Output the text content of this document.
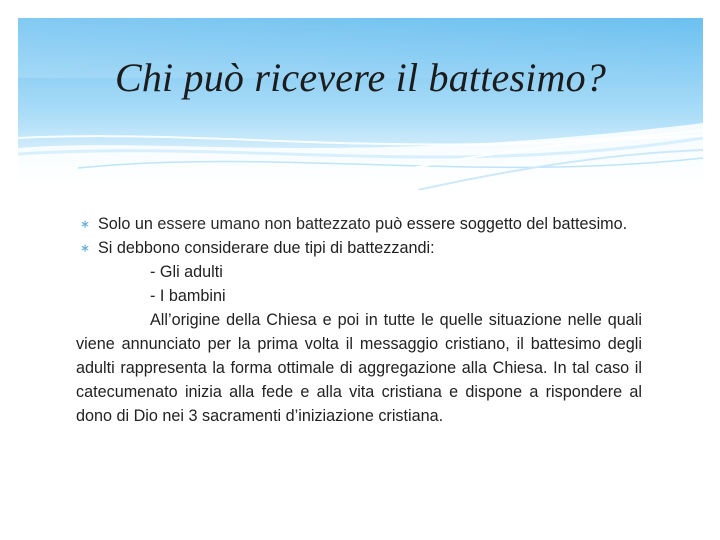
Chi può ricevere il battesimo?
∗ Solo un essere umano non battezzato può essere soggetto del battesimo.
∗ Si debbono considerare due tipi di battezzandi:
- Gli adulti
- I bambini
All’origine della Chiesa e poi in tutte le quelle situazione nelle quali viene annunciato per la prima volta il messaggio cristiano, il battesimo degli adulti rappresenta la forma ottimale di aggregazione alla Chiesa. In tal caso il catecumenato inizia alla fede e alla vita cristiana e dispone a rispondere al dono di Dio nei 3 sacramenti d’iniziazione cristiana.
